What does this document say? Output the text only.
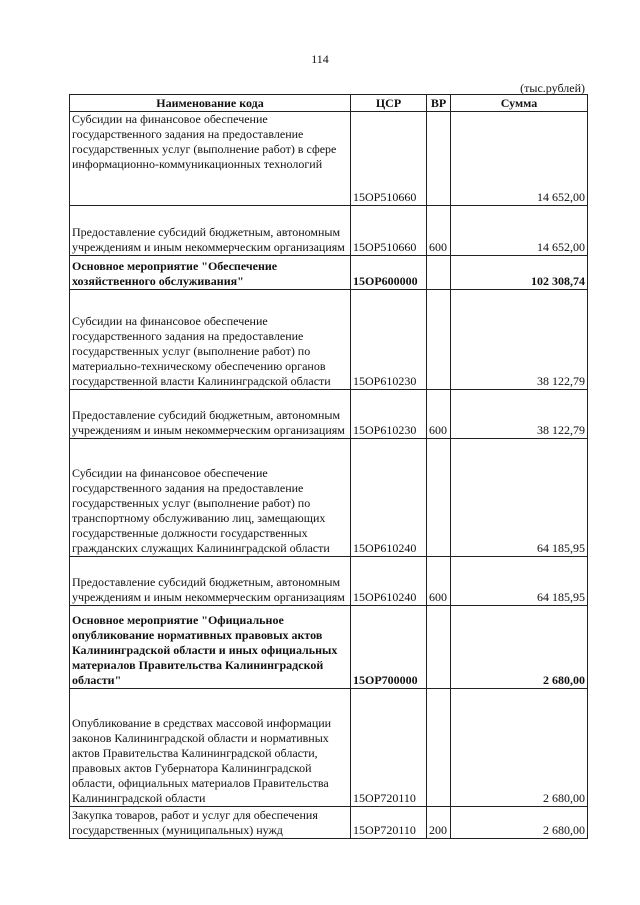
114
(тыс.рублей)
Наименование кода	ЦСР	ВР	Сумма
Субсидии на финансовое обеспечение государственного задания на предоставление государственных услуг (выполнение работ) в сфере информационно-коммуникационных технологий	15ОР510660		14 652,00
Предоставление субсидий бюджетным, автономным учреждениям и иным некоммерческим организациям	15ОР510660	600	14 652,00
Основное мероприятие "Обеспечение хозяйственного обслуживания"	15ОР600000		102 308,74
Субсидии на финансовое обеспечение государственного задания на предоставление государственных услуг (выполнение работ) по материально-техническому обеспечению органов государственной власти Калининградской области	15ОР610230		38 122,79
Предоставление субсидий бюджетным, автономным учреждениям и иным некоммерческим организациям	15ОР610230	600	38 122,79
Субсидии на финансовое обеспечение государственного задания на предоставление государственных услуг (выполнение работ) по транспортному обслуживанию лиц, замещающих государственные должности государственных гражданских служащих Калининградской области	15ОР610240		64 185,95
Предоставление субсидий бюджетным, автономным учреждениям и иным некоммерческим организациям	15ОР610240	600	64 185,95
Основное мероприятие "Официальное опубликование нормативных правовых актов Калининградской области и иных официальных материалов Правительства Калининградской области"	15ОР700000		2 680,00
Опубликование в средствах массовой информации законов Калининградской области и нормативных актов Правительства Калининградской области, правовых актов Губернатора Калининградской области, официальных материалов Правительства Калининградской области	15ОР720110		2 680,00
Закупка товаров, работ и услуг для обеспечения государственных (муниципальных) нужд	15ОР720110	200	2 680,00
